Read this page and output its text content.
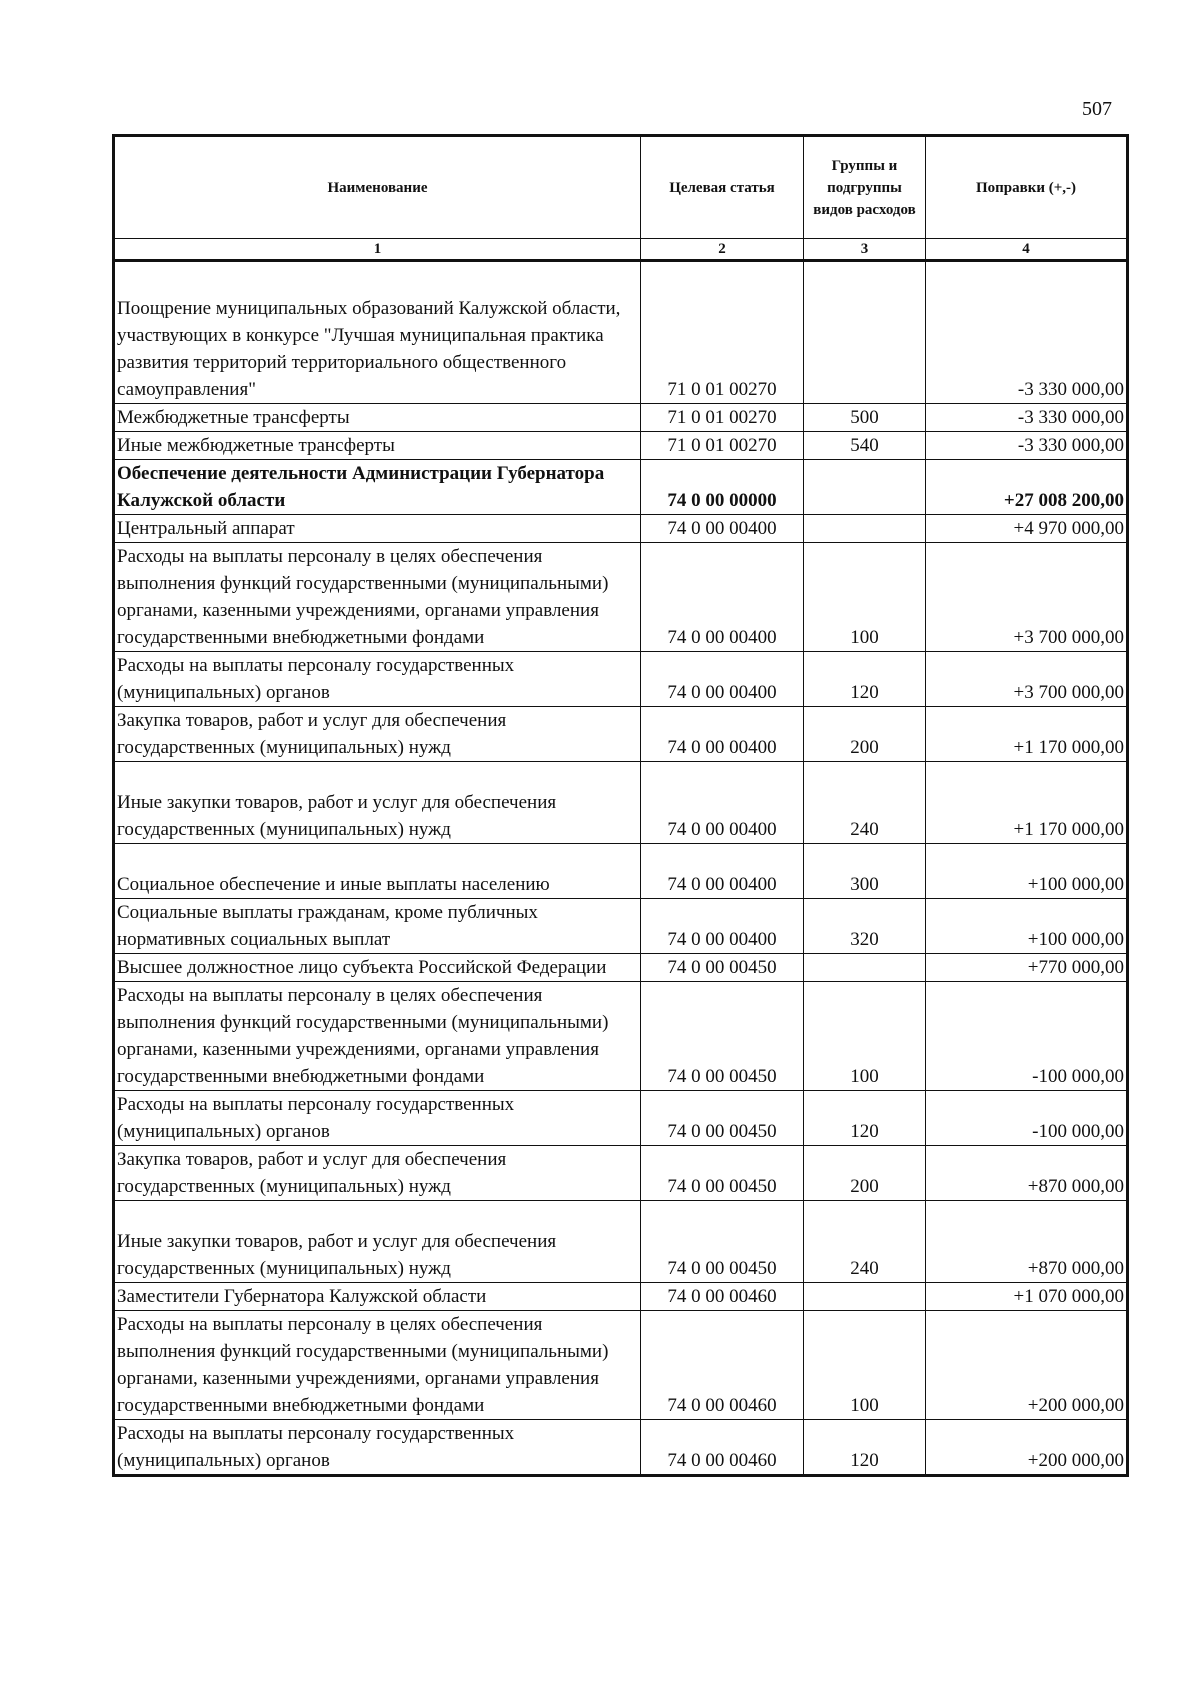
507
Наименование	Целевая статья	Группы и подгруппы видов расходов	Поправки (+,-)
1	2	3	4
Поощрение муниципальных образований Калужской области, участвующих в конкурсе "Лучшая муниципальная практика развития территорий территориального общественного самоуправления"	71 0 01 00270		-3 330 000,00
Межбюджетные трансферты	71 0 01 00270	500	-3 330 000,00
Иные межбюджетные трансферты	71 0 01 00270	540	-3 330 000,00
Обеспечение деятельности Администрации Губернатора Калужской области	74 0 00 00000		+27 008 200,00
Центральный аппарат	74 0 00 00400		+4 970 000,00
Расходы на выплаты персоналу в целях обеспечения выполнения функций государственными (муниципальными) органами, казенными учреждениями, органами управления государственными внебюджетными фондами	74 0 00 00400	100	+3 700 000,00
Расходы на выплаты персоналу государственных (муниципальных) органов	74 0 00 00400	120	+3 700 000,00
Закупка товаров, работ и услуг для обеспечения государственных (муниципальных) нужд	74 0 00 00400	200	+1 170 000,00
Иные закупки товаров, работ и услуг для обеспечения государственных (муниципальных) нужд	74 0 00 00400	240	+1 170 000,00
Социальное обеспечение и иные выплаты населению	74 0 00 00400	300	+100 000,00
Социальные выплаты гражданам, кроме публичных нормативных социальных выплат	74 0 00 00400	320	+100 000,00
Высшее должностное лицо субъекта Российской Федерации	74 0 00 00450		+770 000,00
Расходы на выплаты персоналу в целях обеспечения выполнения функций государственными (муниципальными) органами, казенными учреждениями, органами управления государственными внебюджетными фондами	74 0 00 00450	100	-100 000,00
Расходы на выплаты персоналу государственных (муниципальных) органов	74 0 00 00450	120	-100 000,00
Закупка товаров, работ и услуг для обеспечения государственных (муниципальных) нужд	74 0 00 00450	200	+870 000,00
Иные закупки товаров, работ и услуг для обеспечения государственных (муниципальных) нужд	74 0 00 00450	240	+870 000,00
Заместители Губернатора Калужской области	74 0 00 00460		+1 070 000,00
Расходы на выплаты персоналу в целях обеспечения выполнения функций государственными (муниципальными) органами, казенными учреждениями, органами управления государственными внебюджетными фондами	74 0 00 00460	100	+200 000,00
Расходы на выплаты персоналу государственных (муниципальных) органов	74 0 00 00460	120	+200 000,00
